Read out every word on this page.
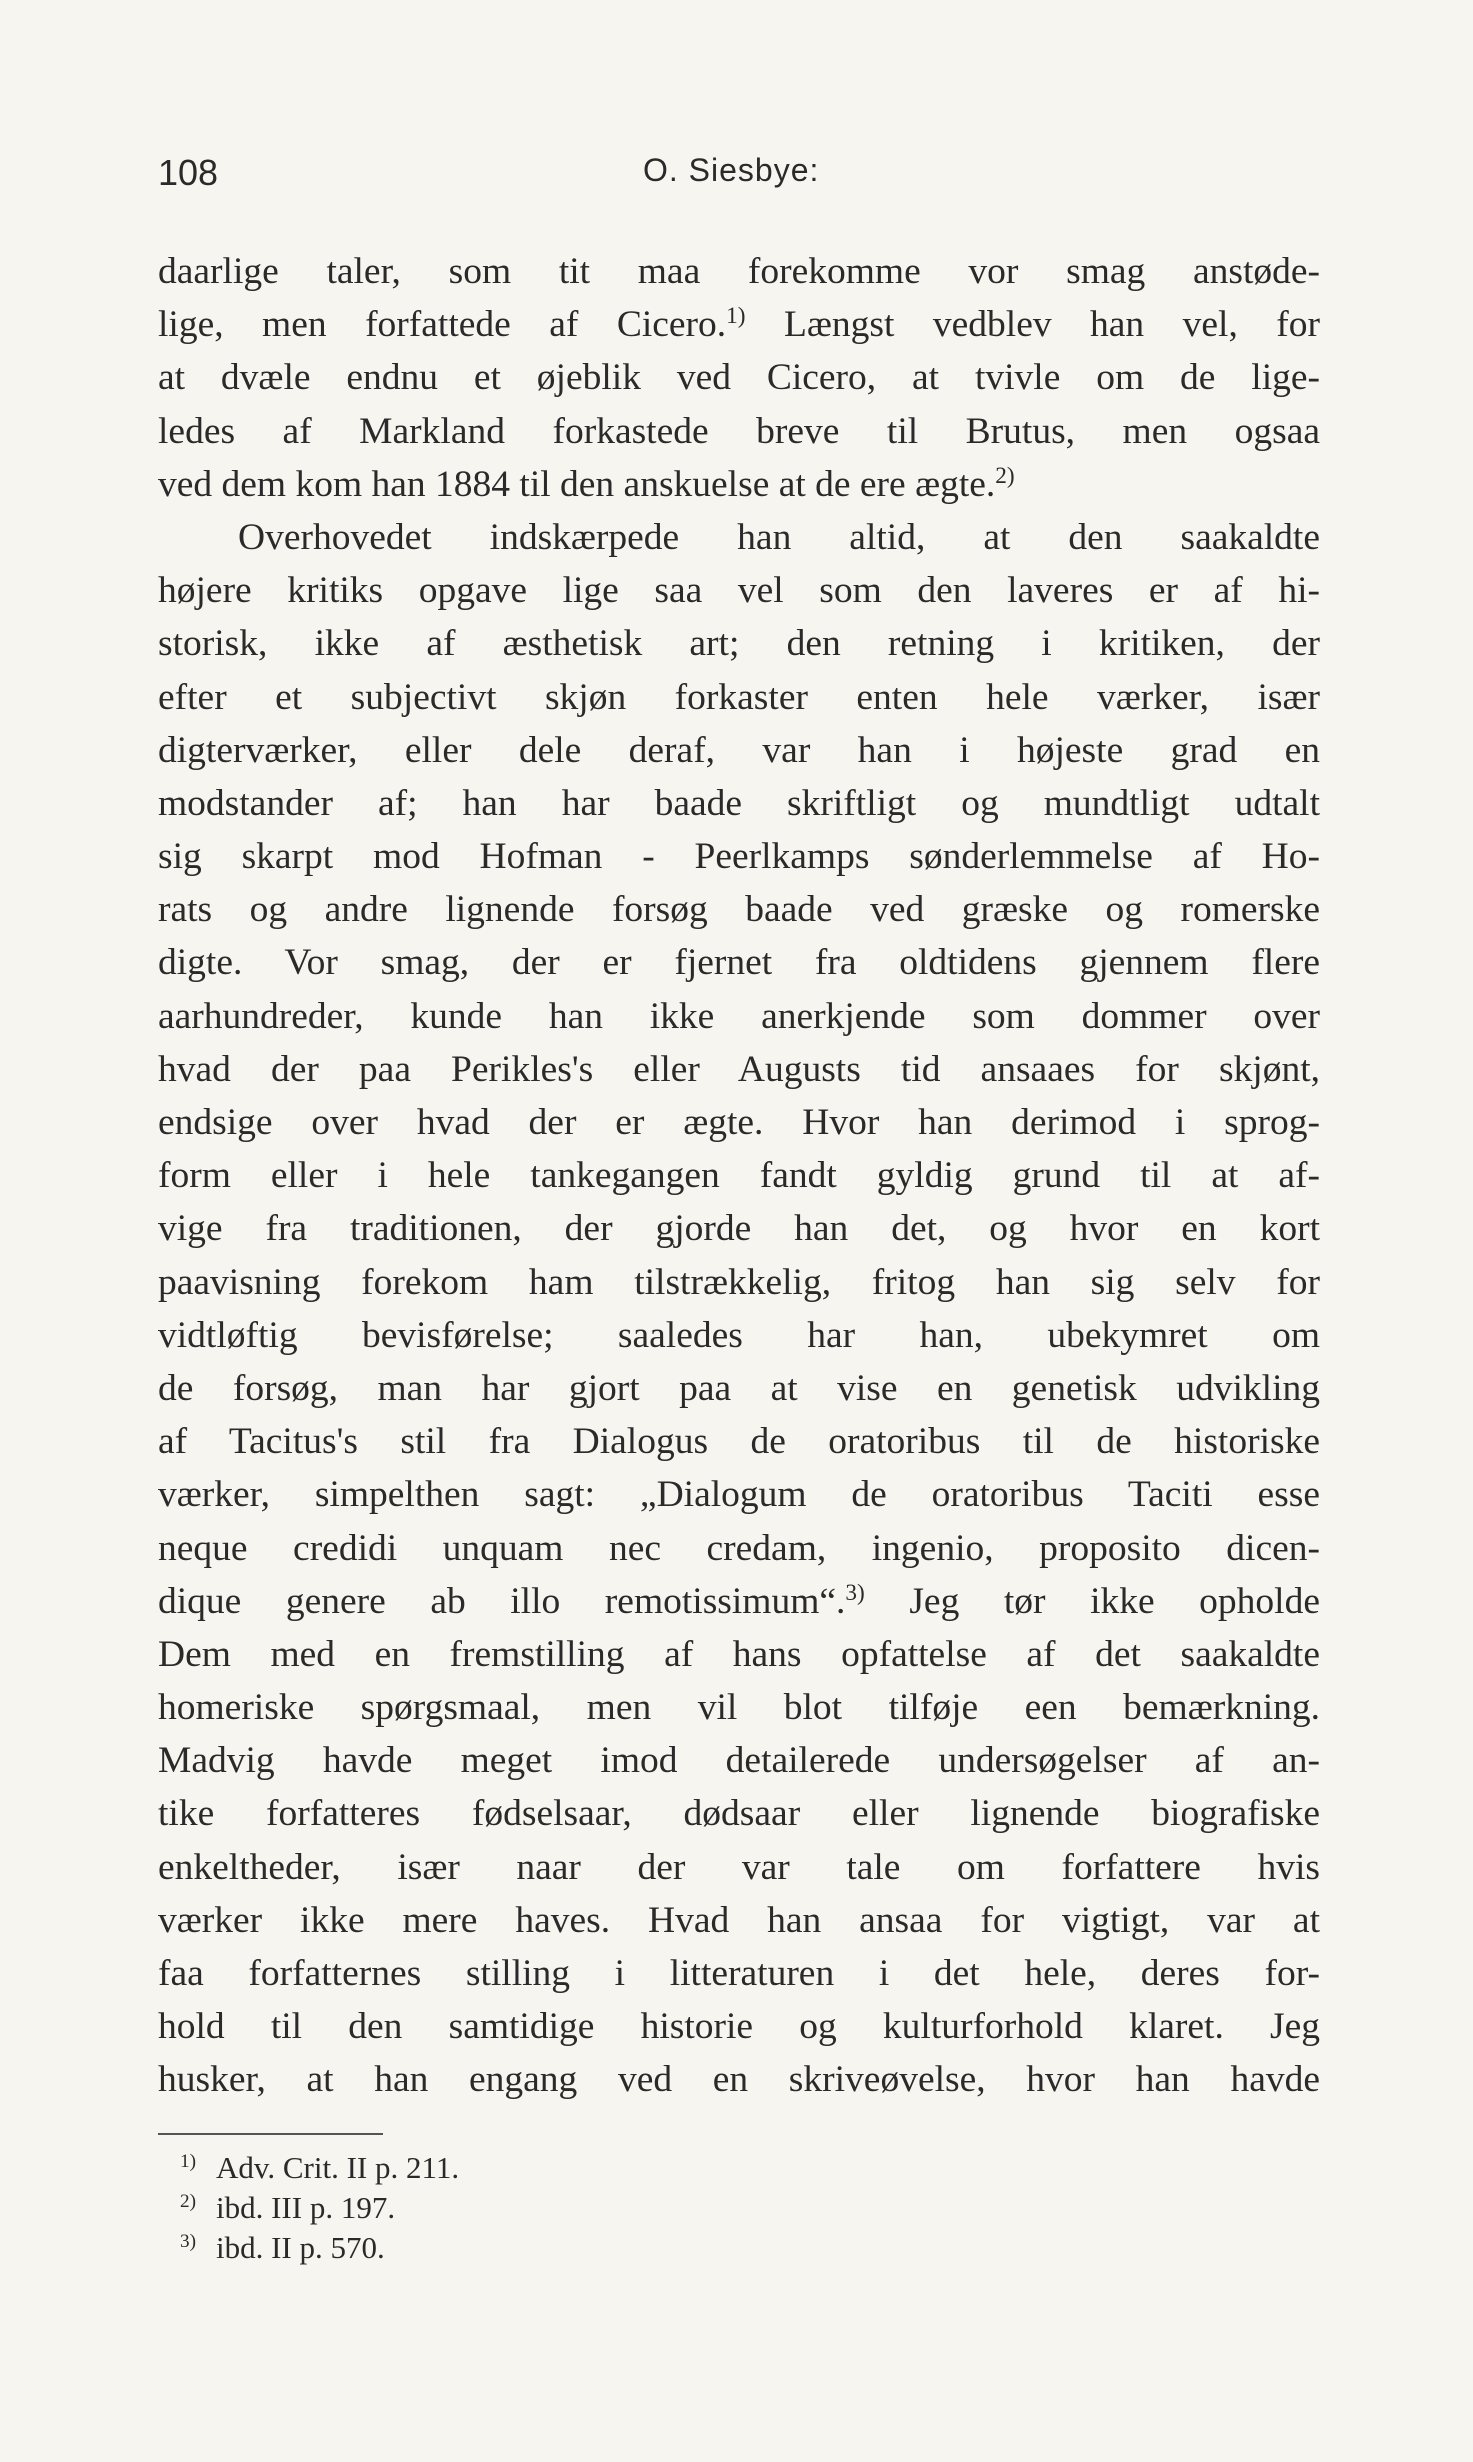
108	O. Siesbye:
daarlige taler, som tit maa forekomme vor smag anstøde-
lige, men forfattede af Cicero.$^{1)}$ Længst vedblev han vel, for
at dvæle endnu et øjeblik ved Cicero, at tvivle om de lige-
ledes af Markland forkastede breve til Brutus, men ogsaa
ved dem kom han 1884 til den anskuelse at de ere ægte.$^{2)}$
Overhovedet indskærpede han altid, at den saakaldte
højere kritiks opgave lige saa vel som den laveres er af hi-
storisk, ikke af æsthetisk art; den retning i kritiken, der
efter et subjectivt skjøn forkaster enten hele værker, især
digterværker, eller dele deraf, var han i højeste grad en
modstander af; han har baade skriftligt og mundtligt udtalt
sig skarpt mod Hofman - Peerlkamps sønderlemmelse af Ho-
rats og andre lignende forsøg baade ved græske og romerske
digte. Vor smag, der er fjernet fra oldtidens gjennem flere
aarhundreder, kunde han ikke anerkjende som dommer over
hvad der paa Perikles's eller Augusts tid ansaaes for skjønt,
endsige over hvad der er ægte. Hvor han derimod i sprog-
form eller i hele tankegangen fandt gyldig grund til at af-
vige fra traditionen, der gjorde han det, og hvor en kort
paavisning forekom ham tilstrækkelig, fritog han sig selv for
vidtløftig bevisførelse; saaledes har han, ubekymret om
de forsøg, man har gjort paa at vise en genetisk udvikling
af Tacitus's stil fra Dialogus de oratoribus til de historiske
værker, simpelthen sagt: „Dialogum de oratoribus Taciti esse
neque credidi unquam nec credam, ingenio, proposito dicen-
dique genere ab illo remotissimum“.$^{3)}$ Jeg tør ikke opholde
Dem med en fremstilling af hans opfattelse af det saakaldte
homeriske spørgsmaal, men vil blot tilføje een bemærkning.
Madvig havde meget imod detailerede undersøgelser af an-
tike forfatteres fødselsaar, dødsaar eller lignende biografiske
enkeltheder, især naar der var tale om forfattere hvis
værker ikke mere haves. Hvad han ansaa for vigtigt, var at
faa forfatternes stilling i litteraturen i det hele, deres for-
hold til den samtidige historie og kulturforhold klaret. Jeg
husker, at han engang ved en skriveøvelse, hvor han havde
$^{1)}$ Adv. Crit. II p. 211.
$^{2)}$ ibd. III p. 197.
$^{3)}$ ibd. II p. 570.
